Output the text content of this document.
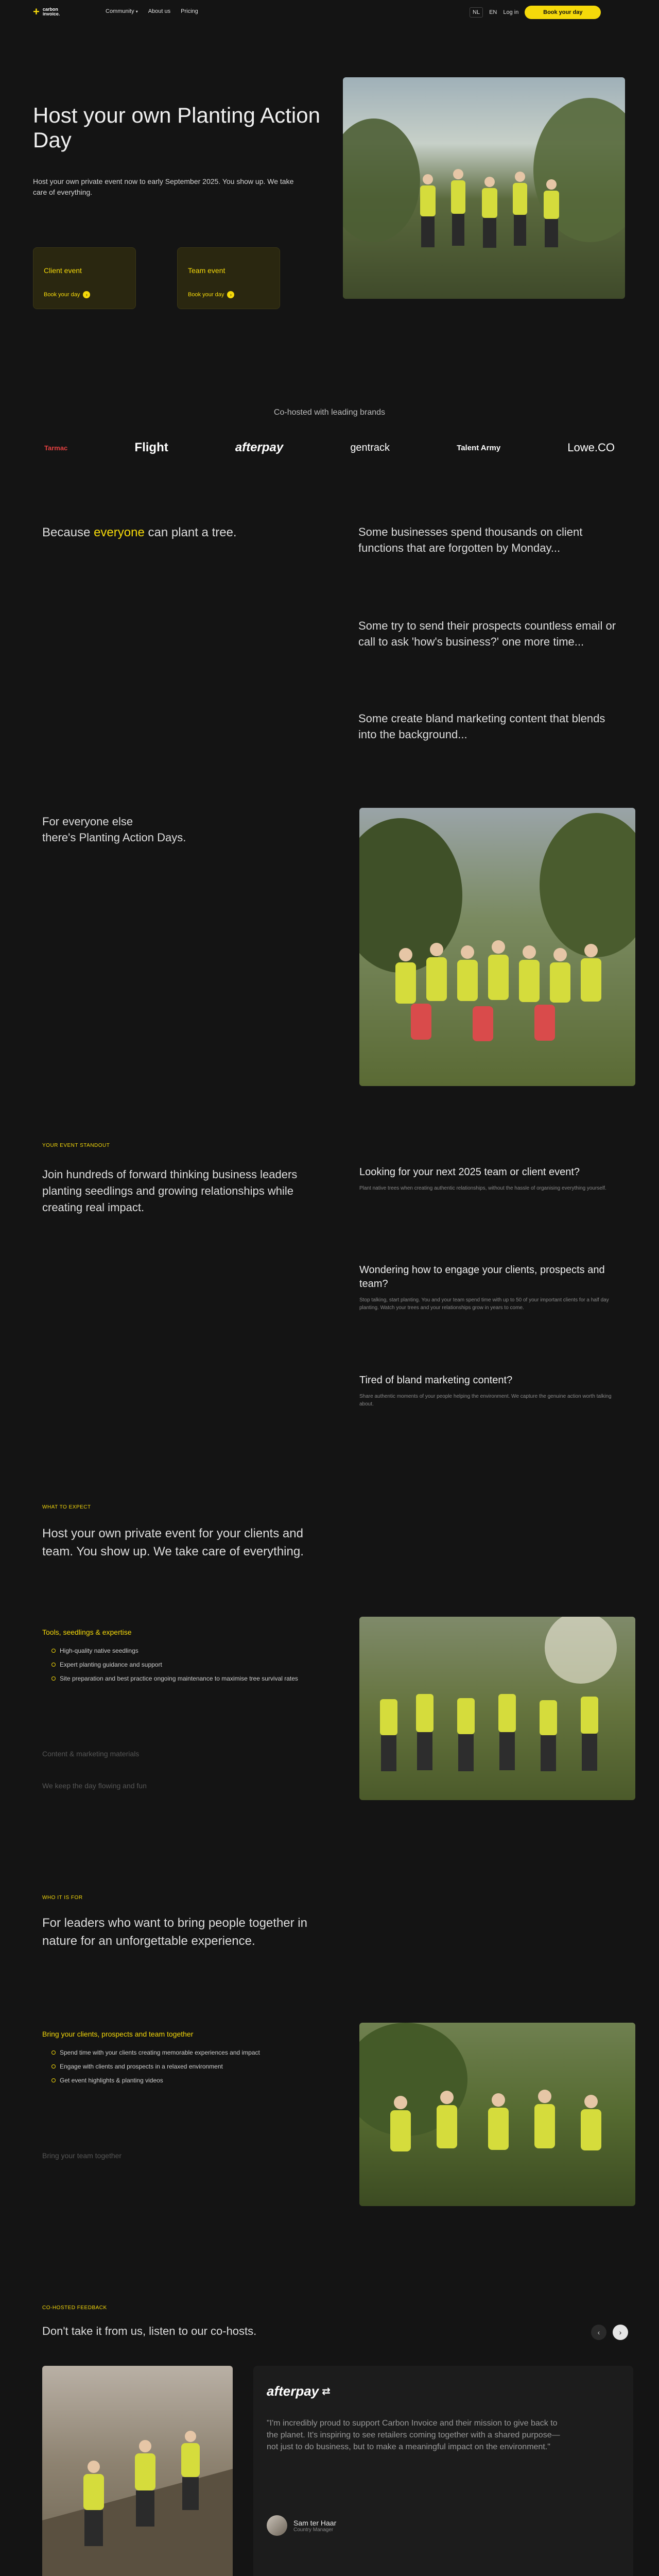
+ carbon
invoice.	Community ▾ About us Pricing	NL	EN Log in	Book your day
Host your own Planting Action Day
Host your own private event now to early September 2025. You show up. We take care of everything.
Client event
Book your day	›
Team event
Book your day	›
Co-hosted with leading brands
Tarmac	Flight	afterpay	gentrack	Talent Army	Lowe.CO
Because everyone can plant a tree.	Some businesses spend thousands on client functions that are forgotten by Monday...
Some try to send their prospects countless email or call to ask 'how's business?' one more time...
Some create bland marketing content that blends into the background...
For everyone else
there's Planting Action Days.
YOUR EVENT STANDOUT
Join hundreds of forward thinking business leaders planting seedlings and growing relationships while creating real impact.
Looking for your next 2025 team or client event?
Plant native trees when creating authentic relationships, without the hassle of organising everything yourself.
Wondering how to engage your clients, prospects and team?
Stop talking, start planting. You and your team spend time with up to 50 of your important clients for a half day planting. Watch your trees and your relationships grow in years to come.
Tired of bland marketing content?
Share authentic moments of your people helping the environment. We capture the genuine action worth talking about.
WHAT TO EXPECT
Host your own private event for your clients and team. You show up. We take care of everything.
Tools, seedlings & expertise
High-quality native seedlings
Expert planting guidance and support
Site preparation and best practice ongoing maintenance to maximise tree survival rates
Content & marketing materials
We keep the day flowing and fun
WHO IT IS FOR
For leaders who want to bring people together in nature for an unforgettable experience.
Bring your clients, prospects and team together
Spend time with your clients creating memorable experiences and impact
Engage with clients and prospects in a relaxed environment
Get event highlights & planting videos
Bring your team together
CO-HOSTED FEEDBACK
Don't take it from us, listen to our co-hosts.	‹	›
afterpay ⇄
"I'm incredibly proud to support Carbon Invoice and their mission to give back to the planet. It's inspiring to see retailers coming together with a shared purpose—not just to do business, but to make a meaningful impact on the environment."
Sam ter Haar
Country Manager
